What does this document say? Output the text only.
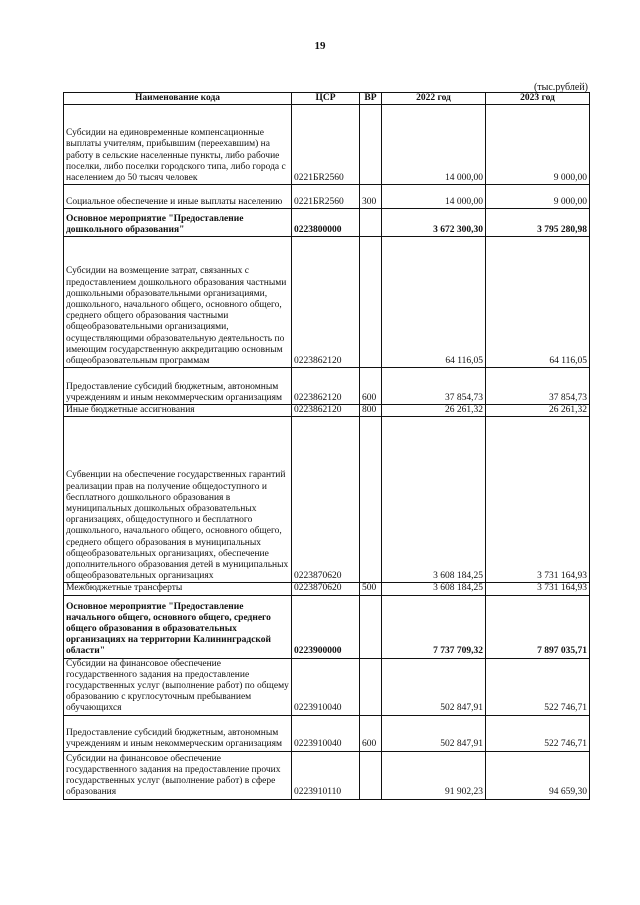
19
(тыс.рублей)
Наименование кода	ЦСР	ВР	2022 год	2023 год
Субсидии на единовременные компенсационные выплаты учителям, прибывшим (переехавшим) на работу в сельские населенные пункты, либо рабочие поселки, либо поселки городского типа, либо города с населением до 50 тысяч человек	0221БR2560		14 000,00	9 000,00
Социальное обеспечение и иные выплаты населению	0221БR2560	300	14 000,00	9 000,00
Основное мероприятие "Предоставление дошкольного образования"	0223800000		3 672 300,30	3 795 280,98
Субсидии на возмещение затрат, связанных с предоставлением дошкольного образования частными дошкольными образовательными организациями, дошкольного, начального общего, основного общего, среднего общего образования частными общеобразовательными организациями, осуществляющими образовательную деятельность по имеющим государственную аккредитацию основным общеобразовательным программам	0223862120		64 116,05	64 116,05
Предоставление субсидий бюджетным, автономным учреждениям и иным некоммерческим организациям	0223862120	600	37 854,73	37 854,73
Иные бюджетные ассигнования	0223862120	800	26 261,32	26 261,32
Субвенции на обеспечение государственных гарантий реализации прав на получение общедоступного и бесплатного дошкольного образования в муниципальных дошкольных образовательных организациях, общедоступного и бесплатного дошкольного, начального общего, основного общего, среднего общего образования в муниципальных общеобразовательных организациях, обеспечение дополнительного образования детей в муниципальных общеобразовательных организациях	0223870620		3 608 184,25	3 731 164,93
Межбюджетные трансферты	0223870620	500	3 608 184,25	3 731 164,93
Основное мероприятие "Предоставление начального общего, основного общего, среднего общего образования в образовательных организациях на территории Калининградской области"	0223900000		7 737 709,32	7 897 035,71
Субсидии на финансовое обеспечение государственного задания на предоставление государственных услуг (выполнение работ) по общему образованию с круглосуточным пребыванием обучающихся	0223910040		502 847,91	522 746,71
Предоставление субсидий бюджетным, автономным учреждениям и иным некоммерческим организациям	0223910040	600	502 847,91	522 746,71
Субсидии на финансовое обеспечение государственного задания на предоставление прочих государственных услуг (выполнение работ) в сфере образования	0223910110		91 902,23	94 659,30
